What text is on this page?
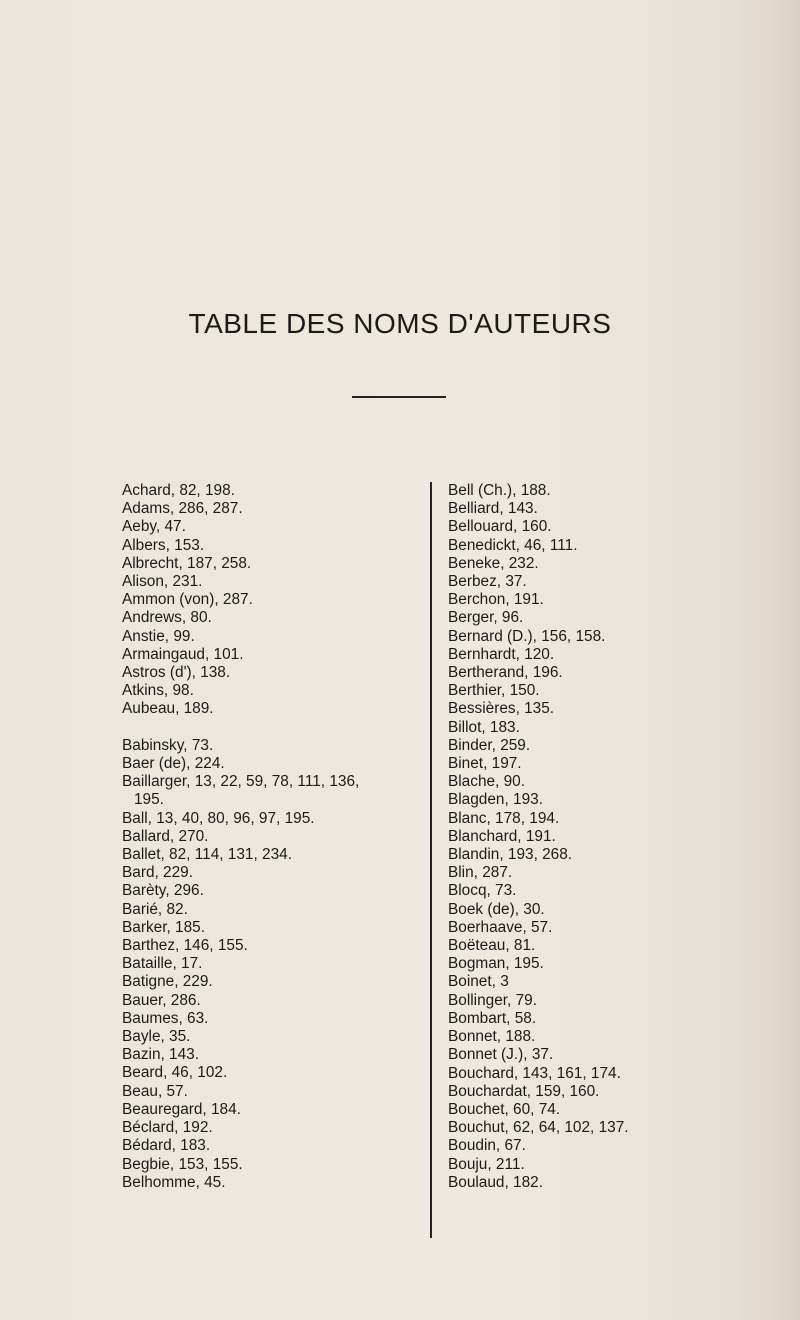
TABLE DES NOMS D'AUTEURS
Achard, 82, 198.
Adams, 286, 287.
Aeby, 47.
Albers, 153.
Albrecht, 187, 258.
Alison, 231.
Ammon (von), 287.
Andrews, 80.
Anstie, 99.
Armaingaud, 101.
Astros (d'), 138.
Atkins, 98.
Aubeau, 189.
Babinsky, 73.
Baer (de), 224.
Baillarger, 13, 22, 59, 78, 111, 136,
195.
Ball, 13, 40, 80, 96, 97, 195.
Ballard, 270.
Ballet, 82, 114, 131, 234.
Bard, 229.
Barèty, 296.
Barié, 82.
Barker, 185.
Barthez, 146, 155.
Bataille, 17.
Batigne, 229.
Bauer, 286.
Baumes, 63.
Bayle, 35.
Bazin, 143.
Beard, 46, 102.
Beau, 57.
Beauregard, 184.
Béclard, 192.
Bédard, 183.
Begbie, 153, 155.
Belhomme, 45.
Bell (Ch.), 188.
Belliard, 143.
Bellouard, 160.
Benedickt, 46, 111.
Beneke, 232.
Berbez, 37.
Berchon, 191.
Berger, 96.
Bernard (D.), 156, 158.
Bernhardt, 120.
Bertherand, 196.
Berthier, 150.
Bessières, 135.
Billot, 183.
Binder, 259.
Binet, 197.
Blache, 90.
Blagden, 193.
Blanc, 178, 194.
Blanchard, 191.
Blandin, 193, 268.
Blin, 287.
Blocq, 73.
Boek (de), 30.
Boerhaave, 57.
Boëteau, 81.
Bogman, 195.
Boinet, 3
Bollinger, 79.
Bombart, 58.
Bonnet, 188.
Bonnet (J.), 37.
Bouchard, 143, 161, 174.
Bouchardat, 159, 160.
Bouchet, 60, 74.
Bouchut, 62, 64, 102, 137.
Boudin, 67.
Bouju, 211.
Boulaud, 182.
